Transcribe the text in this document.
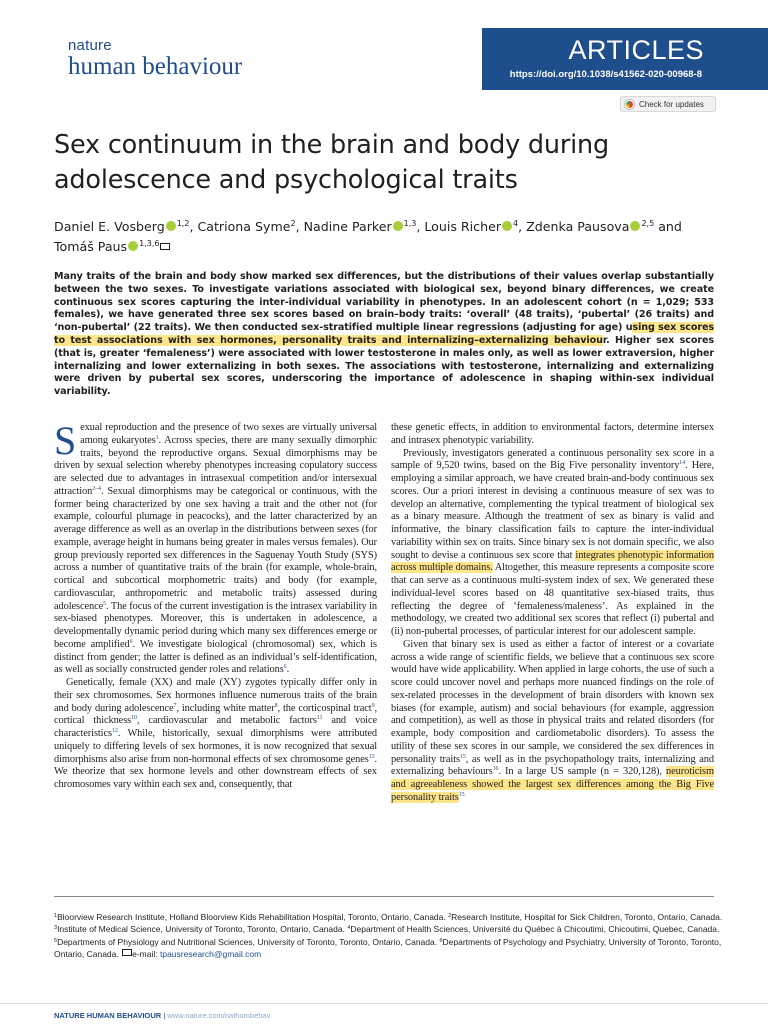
nature
human behaviour
ARTICLES
https://doi.org/10.1038/s41562-020-00968-8
Check for updates
Sex continuum in the brain and body during
adolescence and psychological traits
Daniel E. Vosberg $^{1,2}$, Catriona Syme$^2$, Nadine Parker $^{1,3}$, Louis Richer $^4$, Zdenka Pausova $^{2,5}$ and
Tomáš Paus $^{1,3,6}$
Many traits of the brain and body show marked sex differences, but the distributions of their values overlap substantially between the two sexes. To investigate variations associated with biological sex, beyond binary differences, we create continuous sex scores capturing the inter-individual variability in phenotypes. In an adolescent cohort (n = 1,029; 533 females), we have generated three sex scores based on brain–body traits: ‘overall’ (48 traits), ‘pubertal’ (26 traits) and ‘non-pubertal’ (22 traits). We then conducted sex-stratified multiple linear regressions (adjusting for age) using sex scores to test associations with sex hormones, personality traits and internalizing–externalizing behaviour. Higher sex scores (that is, greater ‘femaleness’) were associated with lower testosterone in males only, as well as lower extraversion, higher internalizing and lower externalizing in both sexes. The associations with testosterone, internalizing and externalizing were driven by pubertal sex scores, underscoring the importance of adolescence in shaping within-sex individual variability.

Sexual reproduction and the presence of two sexes are virtually universal among eukaryotes$^1$. Across species, there are many sexually dimorphic traits, beyond the reproductive organs. Sexual dimorphisms may be driven by sexual selection whereby phenotypes increasing copulatory success are selected due to advantages in intrasexual competition and/or intersexual attraction$^{2-4}$. Sexual dimorphisms may be categorical or continuous, with the former being characterized by one sex having a trait and the other not (for example, colourful plumage in peacocks), and the latter characterized by an average difference as well as an overlap in the distributions between sexes (for example, average height in humans being greater in males versus females). Our group previously reported sex differences in the Saguenay Youth Study (SYS) across a number of quantitative traits of the brain (for example, whole-brain, cortical and subcortical morphometric traits) and body (for example, cardiovascular, anthropometric and metabolic traits) assessed during adolescence$^5$. The focus of the current investigation is the intrasex variability in sex-biased phenotypes. Moreover, this is undertaken in adolescence, a developmentally dynamic period during which many sex differences emerge or become amplified$^6$. We investigate biological (chromosomal) sex, which is distinct from gender; the latter is defined as an individual’s self-identification, as well as socially constructed gender roles and relations$^6$.

Genetically, female (XX) and male (XY) zygotes typically differ only in their sex chromosomes. Sex hormones influence numerous traits of the brain and body during adolescence$^7$, including white matter$^8$, the corticospinal tract$^9$, cortical thickness$^{10}$, cardiovascular and metabolic factors$^{11}$ and voice characteristics$^{12}$. While, historically, sexual dimorphisms were attributed uniquely to differing levels of sex hormones, it is now recognized that sexual dimorphisms also arise from non-hormonal effects of sex chromosome genes$^{13}$. We theorize that sex hormone levels and other downstream effects of sex chromosomes vary within each sex and, consequently, that

these genetic effects, in addition to environmental factors, determine intersex and intrasex phenotypic variability.

Previously, investigators generated a continuous personality sex score in a sample of 9,520 twins, based on the Big Five personality inventory$^{14}$. Here, employing a similar approach, we have created brain-and-body continuous sex scores. Our a priori interest in devising a continuous measure of sex was to develop an alternative, complementing the typical treatment of biological sex as a binary measure. Although the treatment of sex as binary is valid and informative, the binary classification fails to capture the inter-individual variability within sex on traits. Since binary sex is not domain specific, we also sought to devise a continuous sex score that integrates phenotypic information across multiple domains. Altogether, this measure represents a composite score that can serve as a continuous multi-system index of sex. We generated these individual-level scores based on 48 quantitative sex-biased traits, thus reflecting the degree of ‘femaleness/maleness’. As explained in the methodology, we created two additional sex scores that reflect (i) pubertal and (ii) non-pubertal processes, of particular interest for our adolescent sample.

Given that binary sex is used as either a factor of interest or a covariate across a wide range of scientific fields, we believe that a continuous sex score would have wide applicability. When applied in large cohorts, the use of such a score could uncover novel and perhaps more nuanced findings on the role of sex-related processes in the development of brain disorders with known sex biases (for example, autism) and social behaviours (for example, aggression and competition), as well as those in physical traits and related disorders (for example, body composition and cardiometabolic disorders). To assess the utility of these sex scores in our sample, we considered the sex differences in personality traits$^{15}$, as well as in the psychopathology traits, internalizing and externalizing behaviours$^{16}$. In a large US sample (n = 320,128), neuroticism and agreeableness showed the largest sex differences among the Big Five personality traits$^{15}$

$^1$Bloorview Research Institute, Holland Bloorview Kids Rehabilitation Hospital, Toronto, Ontario, Canada. $^2$Research Institute, Hospital for Sick Children, Toronto, Ontario, Canada. $^3$Institute of Medical Science, University of Toronto, Toronto, Ontario, Canada. $^4$Department of Health Sciences, Université du Québec à Chicoutimi, Chicoutimi, Quebec, Canada. $^5$Departments of Physiology and Nutritional Sciences, University of Toronto, Toronto, Ontario, Canada. $^6$Departments of Psychology and Psychiatry, University of Toronto, Toronto, Ontario, Canada. e-mail: tpausresearch@gmail.com
NATURE HUMAN BEHAVIOUR | www.nature.com/nathumbehav
